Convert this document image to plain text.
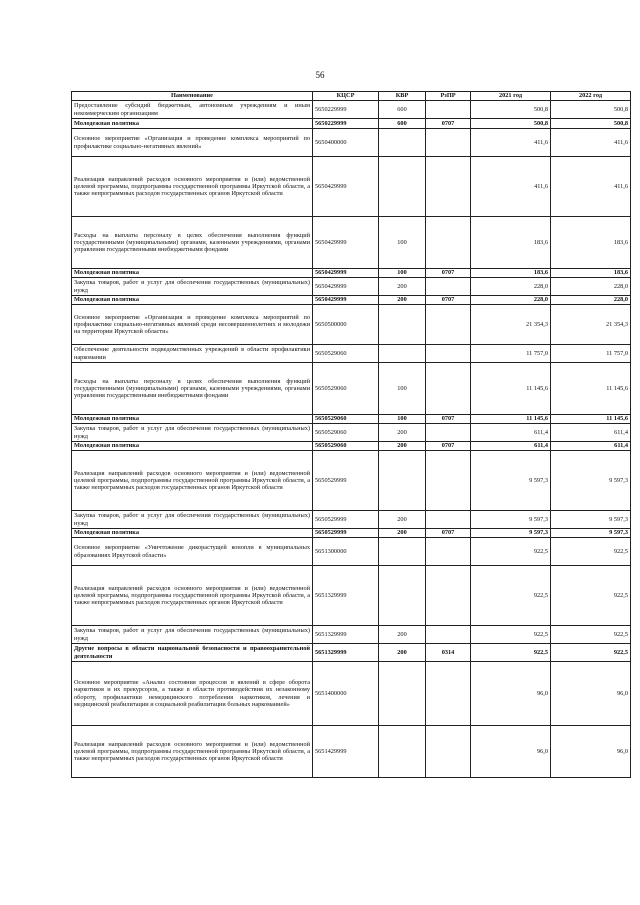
56
Наименование	КЦСР	КВР	РзПР	2021 год	2022 год
Предоставление субсидий бюджетным, автономным учреждениям и иным некоммерческим организациям	5650229999	600		500,8	500,8
Молодежная политика	5650229999	600	0707	500,8	500,8
Основное мероприятие «Организация и проведение комплекса мероприятий по профилактике социально-негативных явлений»	5650400000			411,6	411,6
Реализация направлений расходов основного мероприятия и (или) ведомственной целевой программы, подпрограммы государственной программы Иркутской области, а также непрограммных расходов государственных органов Иркутской области	5650429999			411,6	411,6
Расходы на выплаты персоналу в целях обеспечения выполнения функций государственными (муниципальными) органами, казенными учреждениями, органами управления государственными внебюджетными фондами	5650429999	100		183,6	183,6
Молодежная политика	5650429999	100	0707	183,6	183,6
Закупка товаров, работ и услуг для обеспечения государственных (муниципальных) нужд	5650429999	200		228,0	228,0
Молодежная политика	5650429999	200	0707	228,0	228,0
Основное мероприятие «Организация и проведение комплекса мероприятий по профилактике социально-негативных явлений среди несовершеннолетних и молодежи на территории Иркутской области»	5650500000			21 354,3	21 354,3
Обеспечение деятельности подведомственных учреждений в области профилактики наркомании	5650529060			11 757,0	11 757,0
Расходы на выплаты персоналу в целях обеспечения выполнения функций государственными (муниципальными) органами, казенными учреждениями, органами управления государственными внебюджетными фондами	5650529060	100		11 145,6	11 145,6
Молодежная политика	5650529060	100	0707	11 145,6	11 145,6
Закупка товаров, работ и услуг для обеспечения государственных (муниципальных) нужд	5650529060	200		611,4	611,4
Молодежная политика	5650529060	200	0707	611,4	611,4
Реализация направлений расходов основного мероприятия и (или) ведомственной целевой программы, подпрограммы государственной программы Иркутской области, а также непрограммных расходов государственных органов Иркутской области	5650529999			9 597,3	9 597,3
Закупка товаров, работ и услуг для обеспечения государственных (муниципальных) нужд	5650529999	200		9 597,3	9 597,3
Молодежная политика	5650529999	200	0707	9 597,3	9 597,3
Основное мероприятие «Уничтожение дикорастущей конопли в муниципальных образованиях Иркутской области»	5651300000			922,5	922,5
Реализация направлений расходов основного мероприятия и (или) ведомственной целевой программы, подпрограммы государственной программы Иркутской области, а также непрограммных расходов государственных органов Иркутской области	5651329999			922,5	922,5
Закупка товаров, работ и услуг для обеспечения государственных (муниципальных) нужд	5651329999	200		922,5	922,5
Другие вопросы в области национальной безопасности и правоохранительной деятельности	5651329999	200	0314	922,5	922,5
Основное мероприятие «Анализ состояния процессов и явлений в сфере оборота наркотиков и их прекурсоров, а также в области противодействия их незаконному обороту, профилактики немедицинского потребления наркотиков, лечения и медицинской реабилитации и социальной реабилитации больных наркоманией»	5651400000			96,0	96,0
Реализация направлений расходов основного мероприятия и (или) ведомственной целевой программы, подпрограммы государственной программы Иркутской области, а также непрограммных расходов государственных органов Иркутской области	5651429999			96,0	96,0
